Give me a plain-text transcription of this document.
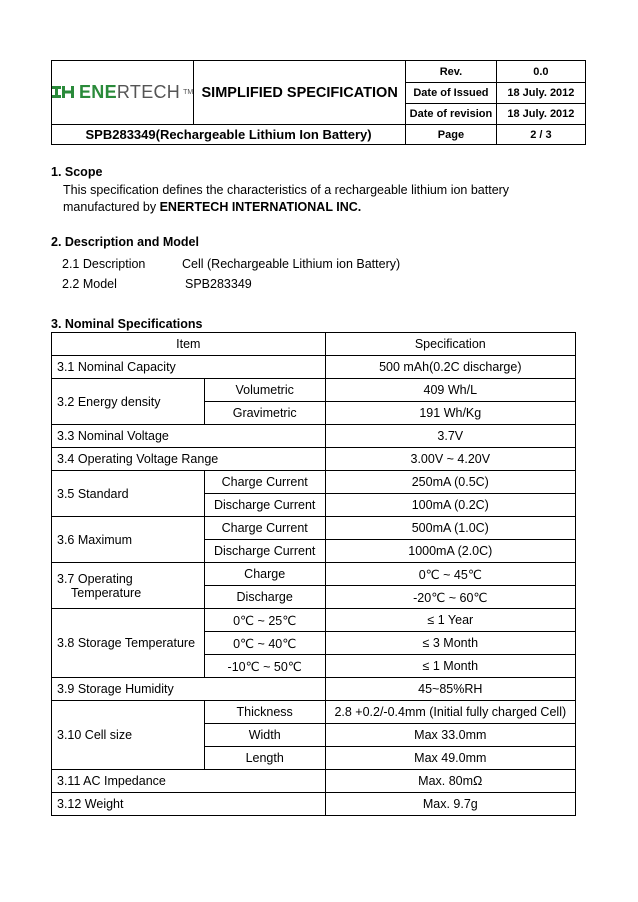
ENERTECH TM	SIMPLIFIED SPECIFICATION	Rev.	0.0
		Date of Issued	18 July. 2012
		Date of revision	18 July. 2012
SPB283349(Rechargeable Lithium Ion Battery)		Page	2 / 3
1. Scope
This specification defines the characteristics of a rechargeable lithium ion battery
manufactured by ENERTECH INTERNATIONAL INC.
2. Description and Model
2.1 Description	Cell (Rechargeable Lithium ion Battery)
2.2 Model	SPB283349
3. Nominal Specifications
Item		Specification
3.1 Nominal Capacity		500 mAh(0.2C discharge)
3.2 Energy density	Volumetric	409 Wh/L
	Gravimetric	191 Wh/Kg
3.3 Nominal Voltage		3.7V
3.4 Operating Voltage Range		3.00V ~ 4.20V
3.5 Standard	Charge Current	250mA (0.5C)
	Discharge Current	100mA (0.2C)
3.6 Maximum	Charge Current	500mA (1.0C)
	Discharge Current	1000mA (2.0C)

3.7 Operating
Temperature	Charge	0℃ ~ 45℃
	Discharge	-20℃ ~ 60℃
3.8 Storage Temperature	0℃ ~ 25℃	≤ 1 Year
	0℃ ~ 40℃	≤ 3 Month
	-10℃ ~ 50℃	≤ 1 Month
3.9 Storage Humidity		45~85%RH
3.10 Cell size	Thickness	2.8 +0.2/-0.4mm (Initial fully charged Cell)
	Width	Max 33.0mm
	Length	Max 49.0mm
3.11 AC Impedance		Max. 80mΩ
3.12 Weight		Max. 9.7g
